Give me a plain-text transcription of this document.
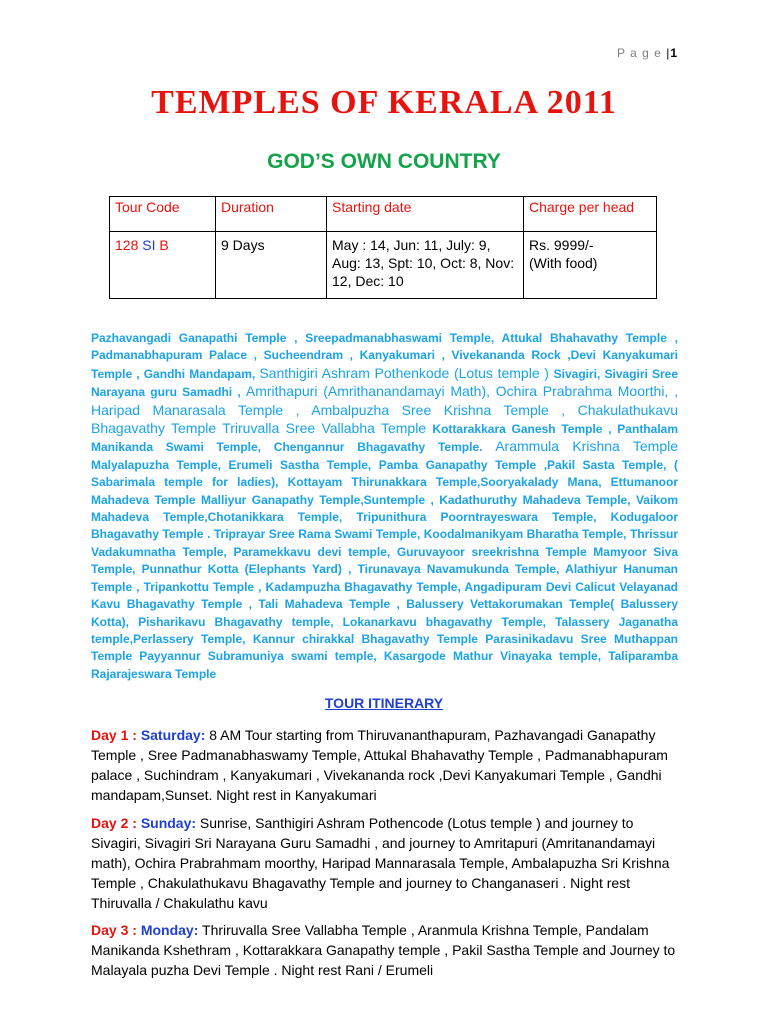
P a g e |1
TEMPLES OF KERALA 2011
GOD’S OWN COUNTRY
Tour Code	Duration	Starting date	Charge per head
128 SI B	9 Days	May : 14, Jun: 11, July: 9, Aug: 13, Spt: 10, Oct: 8, Nov: 12, Dec: 10	Rs. 9999/-
(With food)
Pazhavangadi Ganapathi Temple , Sreepadmanabhaswami Temple, Attukal Bhahavathy Temple , Padmanabhapuram Palace , Sucheendram , Kanyakumari , Vivekananda Rock ,Devi Kanyakumari Temple , Gandhi Mandapam, Santhigiri Ashram Pothenkode (Lotus temple ) Sivagiri, Sivagiri Sree Narayana guru Samadhi , Amrithapuri (Amrithanandamayi Math), Ochira Prabrahma Moorthi, , Haripad Manarasala Temple , Ambalpuzha Sree Krishna Temple , Chakulathukavu Bhagavathy Temple Triruvalla Sree Vallabha Temple Kottarakkara Ganesh Temple , Panthalam Manikanda Swami Temple, Chengannur Bhagavathy Temple. Arammula Krishna Temple Malyalapuzha Temple, Erumeli Sastha Temple, Pamba Ganapathy Temple ,Pakil Sasta Temple, ( Sabarimala temple for ladies), Kottayam Thirunakkara Temple,Sooryakalady Mana, Ettumanoor Mahadeva Temple Malliyur Ganapathy Temple,Suntemple , Kadathuruthy Mahadeva Temple, Vaikom Mahadeva Temple,Chotanikkara Temple, Tripunithura Poorntrayeswara Temple, Kodugaloor Bhagavathy Temple . Triprayar Sree Rama Swami Temple, Koodalmanikyam Bharatha Temple, Thrissur Vadakumnatha Temple, Paramekkavu devi temple, Guruvayoor sreekrishna Temple Mamyoor Siva Temple, Punnathur Kotta (Elephants Yard) , Tirunavaya Navamukunda Temple, Alathiyur Hanuman Temple , Tripankottu Temple , Kadampuzha Bhagavathy Temple, Angadipuram Devi Calicut Velayanad Kavu Bhagavathy Temple , Tali Mahadeva Temple , Balussery Vettakorumakan Temple( Balussery Kotta), Pisharikavu Bhagavathy temple, Lokanarkavu bhagavathy Temple, Talassery Jaganatha temple,Perlassery Temple, Kannur chirakkal Bhagavathy Temple Parasinikadavu Sree Muthappan Temple Payyannur Subramuniya swami temple, Kasargode Mathur Vinayaka temple, Taliparamba Rajarajeswara Temple
TOUR ITINERARY
Day 1 : Saturday: 8 AM Tour starting from Thiruvananthapuram, Pazhavangadi Ganapathy Temple , Sree Padmanabhaswamy Temple, Attukal Bhahavathy Temple , Padmanabhapuram palace , Suchindram , Kanyakumari , Vivekananda rock ,Devi Kanyakumari Temple , Gandhi mandapam,Sunset. Night rest in Kanyakumari
Day 2 : Sunday: Sunrise, Santhigiri Ashram Pothencode (Lotus temple ) and journey to Sivagiri, Sivagiri Sri Narayana Guru Samadhi , and journey to Amritapuri (Amritanandamayi math), Ochira Prabrahmam moorthy, Haripad Mannarasala Temple, Ambalapuzha Sri Krishna Temple , Chakulathukavu Bhagavathy Temple and journey to Changanaseri . Night rest Thiruvalla / Chakulathu kavu
Day 3 : Monday: Thriruvalla Sree Vallabha Temple , Aranmula Krishna Temple, Pandalam Manikanda Kshethram , Kottarakkara Ganapathy temple , Pakil Sastha Temple and Journey to Malayala puzha Devi Temple . Night rest Rani / Erumeli
